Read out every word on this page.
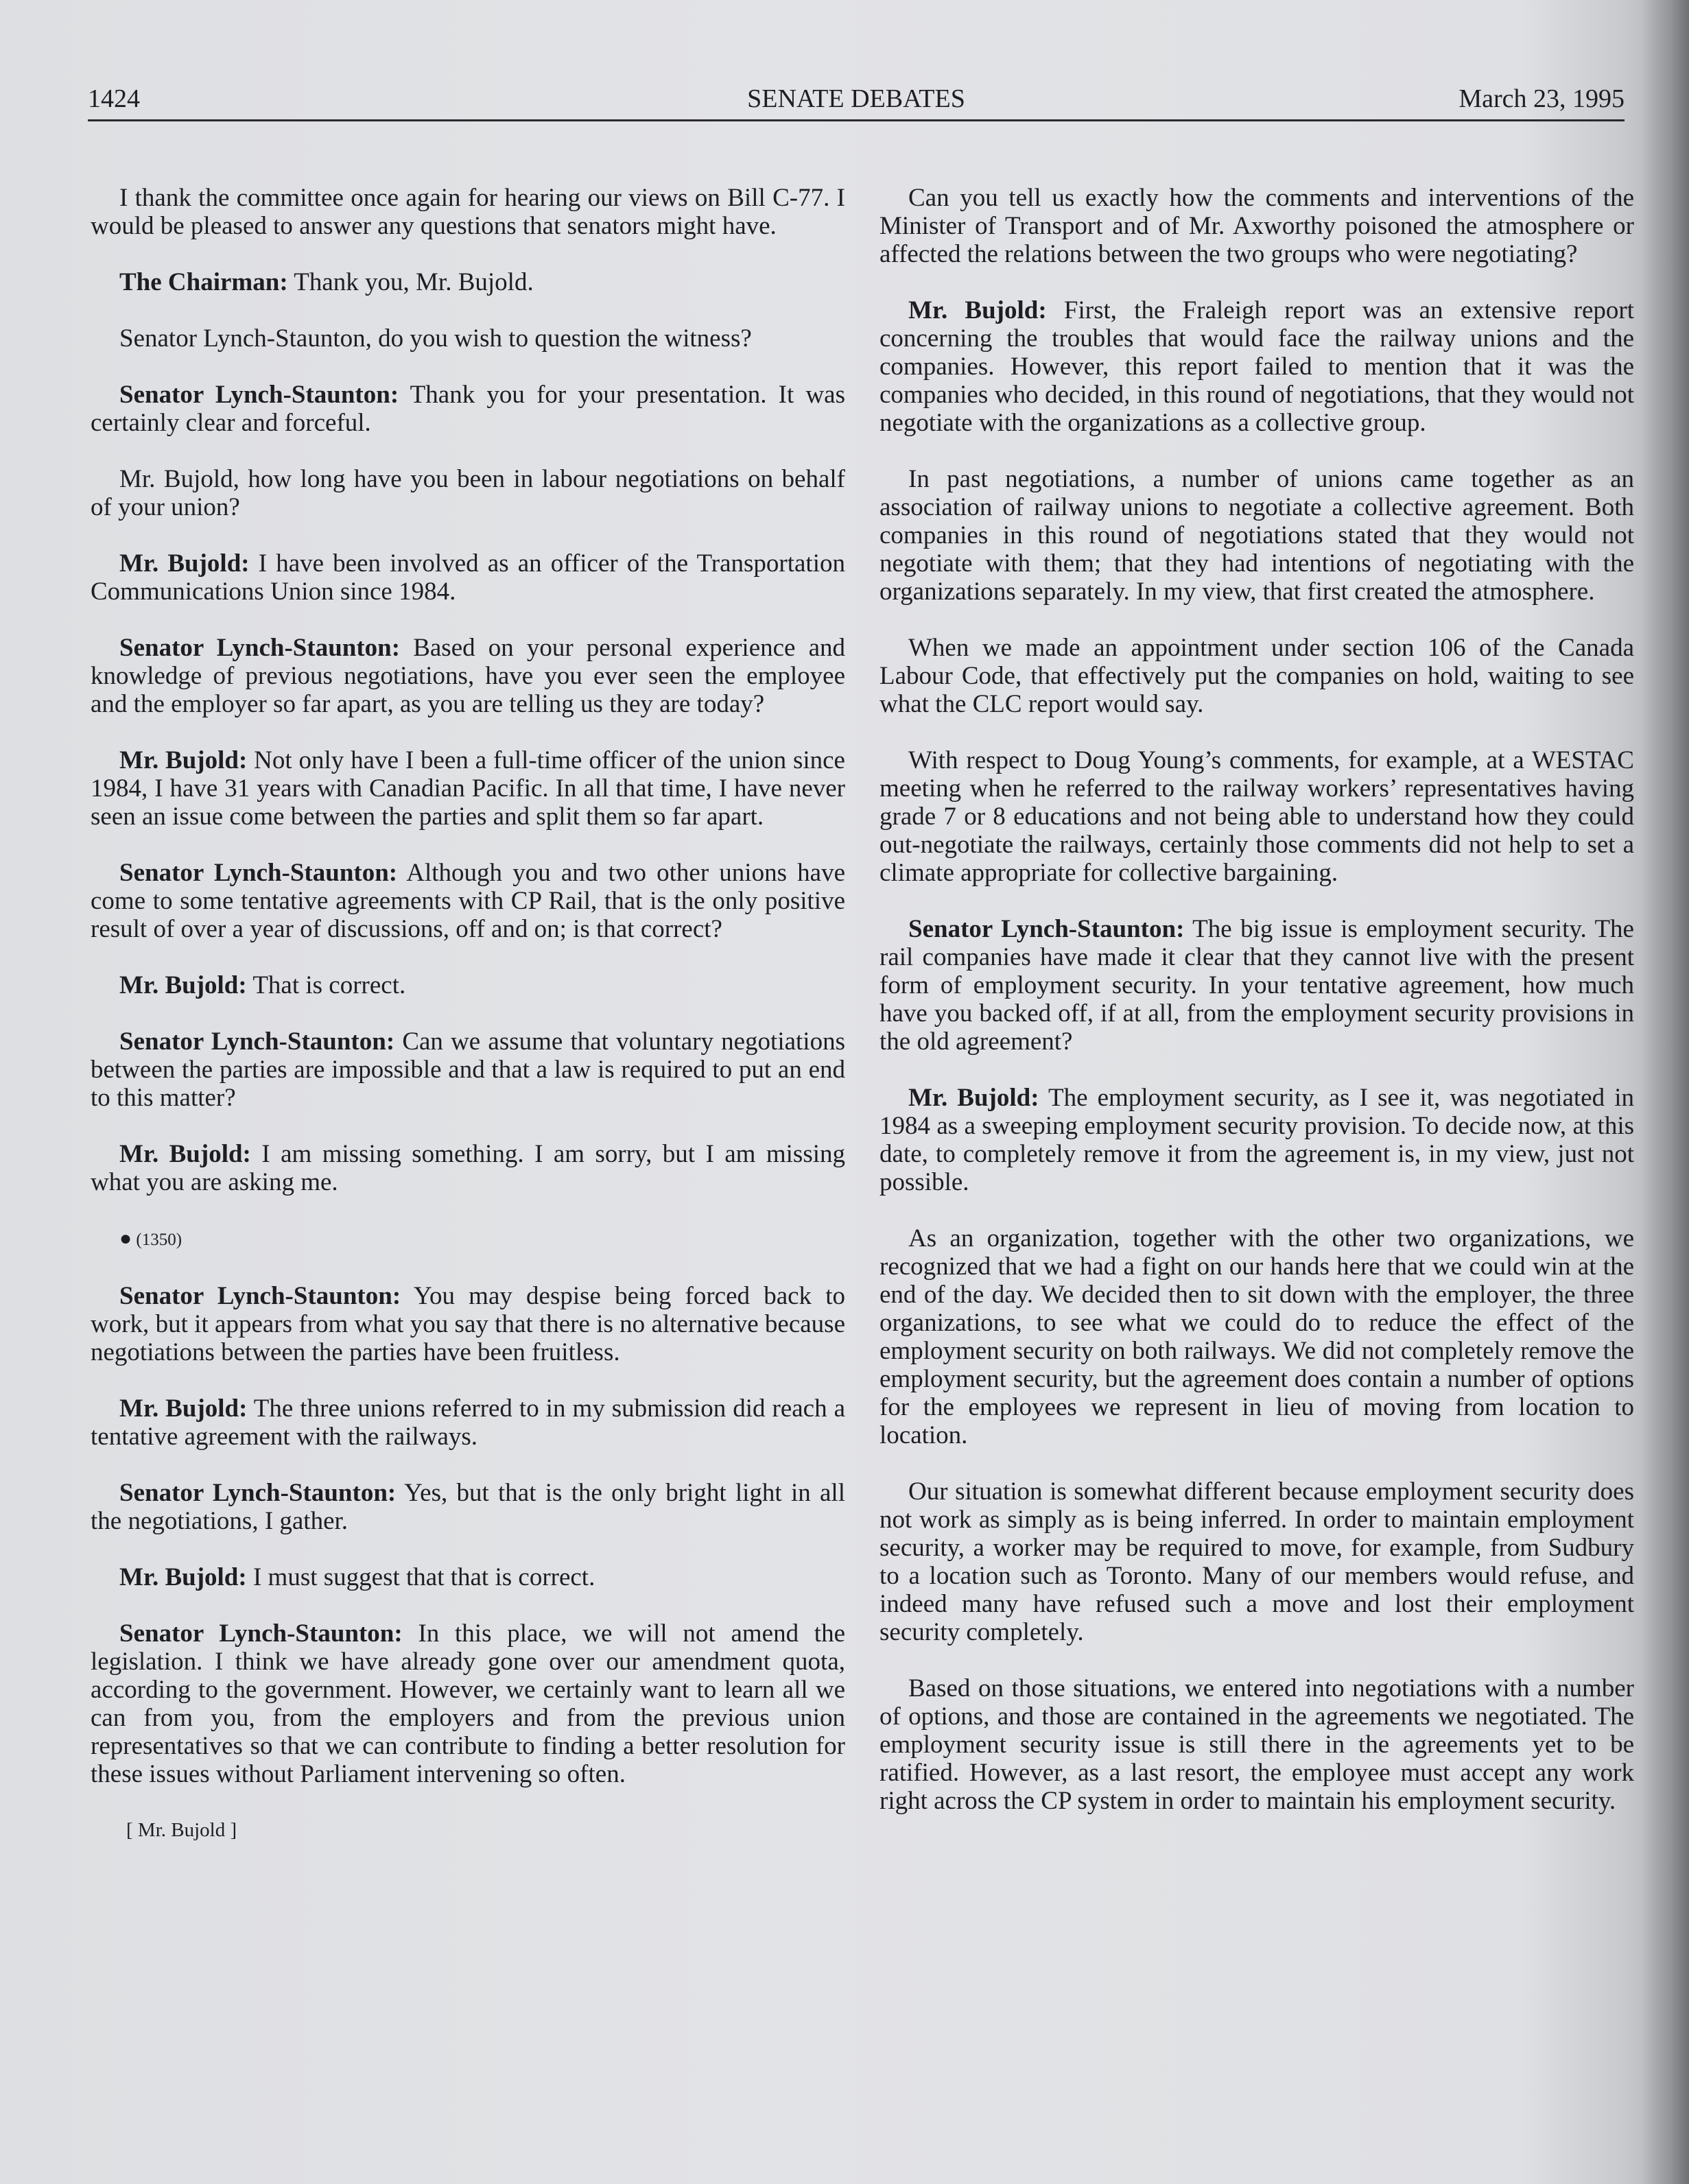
1424	SENATE DEBATES	March 23, 1995

I thank the committee once again for hearing our views on Bill C-77. I would be pleased to answer any questions that senators might have.

The Chairman: Thank you, Mr. Bujold.

Senator Lynch-Staunton, do you wish to question the witness?

Senator Lynch-Staunton: Thank you for your presentation. It was certainly clear and forceful.

Mr. Bujold, how long have you been in labour negotiations on behalf of your union?

Mr. Bujold: I have been involved as an officer of the Transportation Communications Union since 1984.

Senator Lynch-Staunton: Based on your personal experience and knowledge of previous negotiations, have you ever seen the employee and the employer so far apart, as you are telling us they are today?

Mr. Bujold: Not only have I been a full-time officer of the union since 1984, I have 31 years with Canadian Pacific. In all that time, I have never seen an issue come between the parties and split them so far apart.

Senator Lynch-Staunton: Although you and two other unions have come to some tentative agreements with CP Rail, that is the only positive result of over a year of discussions, off and on; is that correct?

Mr. Bujold: That is correct.

Senator Lynch-Staunton: Can we assume that voluntary negotiations between the parties are impossible and that a law is required to put an end to this matter?

Mr. Bujold: I am missing something. I am sorry, but I am missing what you are asking me.

● (1350)

Senator Lynch-Staunton: You may despise being forced back to work, but it appears from what you say that there is no alternative because negotiations between the parties have been fruitless.

Mr. Bujold: The three unions referred to in my submission did reach a tentative agreement with the railways.

Senator Lynch-Staunton: Yes, but that is the only bright light in all the negotiations, I gather.

Mr. Bujold: I must suggest that that is correct.

Senator Lynch-Staunton: In this place, we will not amend the legislation. I think we have already gone over our amendment quota, according to the government. However, we certainly want to learn all we can from you, from the employers and from the previous union representatives so that we can contribute to finding a better resolution for these issues without Parliament intervening so often.

[ Mr. Bujold ]

Can you tell us exactly how the comments and interventions of the Minister of Transport and of Mr. Axworthy poisoned the atmosphere or affected the relations between the two groups who were negotiating?

Mr. Bujold: First, the Fraleigh report was an extensive report concerning the troubles that would face the railway unions and the companies. However, this report failed to mention that it was the companies who decided, in this round of negotiations, that they would not negotiate with the organizations as a collective group.

In past negotiations, a number of unions came together as an association of railway unions to negotiate a collective agreement. Both companies in this round of negotiations stated that they would not negotiate with them; that they had intentions of negotiating with the organizations separately. In my view, that first created the atmosphere.

When we made an appointment under section 106 of the Canada Labour Code, that effectively put the companies on hold, waiting to see what the CLC report would say.

With respect to Doug Young’s comments, for example, at a WESTAC meeting when he referred to the railway workers’ representatives having grade 7 or 8 educations and not being able to understand how they could out-negotiate the railways, certainly those comments did not help to set a climate appropriate for collective bargaining.

Senator Lynch-Staunton: The big issue is employment security. The rail companies have made it clear that they cannot live with the present form of employment security. In your tentative agreement, how much have you backed off, if at all, from the employment security provisions in the old agreement?

Mr. Bujold: The employment security, as I see it, was negotiated in 1984 as a sweeping employment security provision. To decide now, at this date, to completely remove it from the agreement is, in my view, just not possible.

As an organization, together with the other two organizations, we recognized that we had a fight on our hands here that we could win at the end of the day. We decided then to sit down with the employer, the three organizations, to see what we could do to reduce the effect of the employment security on both railways. We did not completely remove the employment security, but the agreement does contain a number of options for the employees we represent in lieu of moving from location to location.

Our situation is somewhat different because employment security does not work as simply as is being inferred. In order to maintain employment security, a worker may be required to move, for example, from Sudbury to a location such as Toronto. Many of our members would refuse, and indeed many have refused such a move and lost their employment security completely.

Based on those situations, we entered into negotiations with a number of options, and those are contained in the agreements we negotiated. The employment security issue is still there in the agreements yet to be ratified. However, as a last resort, the employee must accept any work right across the CP system in order to maintain his employment security.
